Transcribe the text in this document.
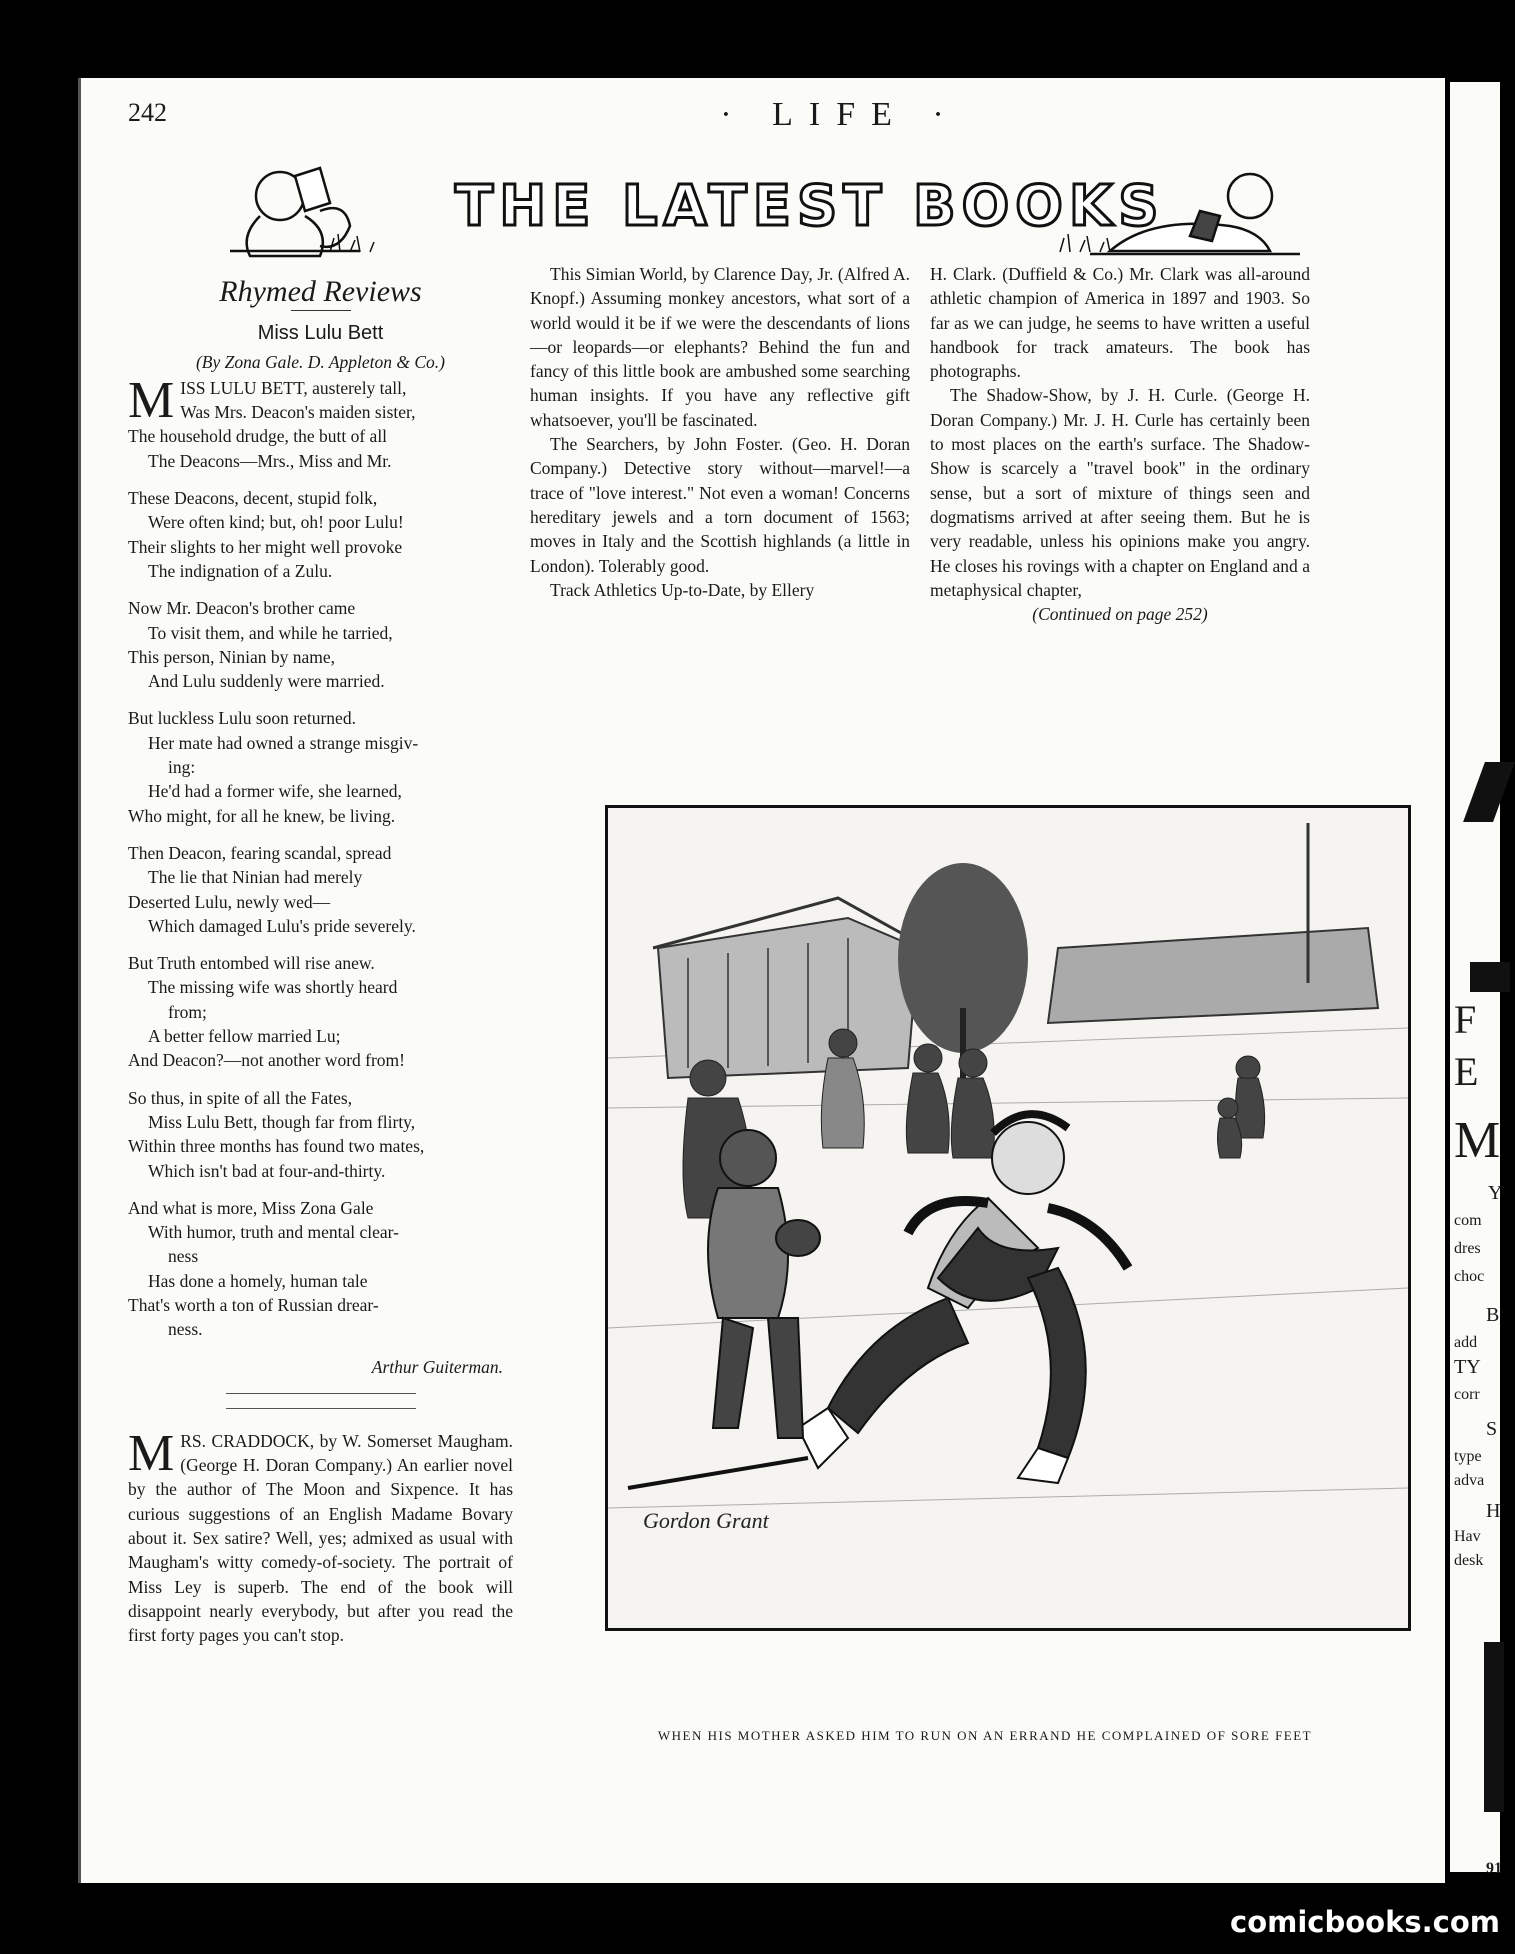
F
E
M
Y
com
dres
choc
B
add
TY
corr
S
type
adva
H
Hav
desk
91
242	· LIFE ·
THE LATEST BOOKS
Rhymed Reviews
Miss Lulu Bett
(By Zona Gale. D. Appleton & Co.)
M ISS LULU BETT, austerely tall,
Was Mrs. Deacon's maiden sister,
The household drudge, the butt of all
The Deacons—Mrs., Miss and Mr.
These Deacons, decent, stupid folk,
Were often kind; but, oh! poor Lulu!
Their slights to her might well provoke
The indignation of a Zulu.
Now Mr. Deacon's brother came
To visit them, and while he tarried,
This person, Ninian by name,
And Lulu suddenly were married.
But luckless Lulu soon returned.
Her mate had owned a strange misgiv-
ing:
He'd had a former wife, she learned,
Who might, for all he knew, be living.
Then Deacon, fearing scandal, spread
The lie that Ninian had merely
Deserted Lulu, newly wed—
Which damaged Lulu's pride severely.
But Truth entombed will rise anew.
The missing wife was shortly heard
from;
A better fellow married Lu;
And Deacon?—not another word from!
So thus, in spite of all the Fates,
Miss Lulu Bett, though far from flirty,
Within three months has found two mates,
Which isn't bad at four-and-thirty.
And what is more, Miss Zona Gale
With humor, truth and mental clear-
ness
Has done a homely, human tale
That's worth a ton of Russian drear-
ness.
Arthur Guiterman.

MRS. CRADDOCK, by W. Somerset Maugham. (George H. Doran Company.) An earlier novel by the author of The Moon and Sixpence. It has curious suggestions of an English Madame Bovary about it. Sex satire? Well, yes; admixed as usual with Maugham's witty comedy-of-society. The portrait of Miss Ley is superb. The end of the book will disappoint nearly everybody, but after you read the first forty pages you can't stop.

This Simian World, by Clarence Day, Jr. (Alfred A. Knopf.) Assuming monkey ancestors, what sort of a world would it be if we were the descendants of lions—or leopards—or elephants? Behind the fun and fancy of this little book are ambushed some searching human insights. If you have any reflective gift whatsoever, you'll be fascinated.

The Searchers, by John Foster. (Geo. H. Doran Company.) Detective story without—marvel!—a trace of "love interest." Not even a woman! Concerns hereditary jewels and a torn document of 1563; moves in Italy and the Scottish highlands (a little in London). Tolerably good.

Track Athletics Up-to-Date, by Ellery

H. Clark. (Duffield & Co.) Mr. Clark was all-around athletic champion of America in 1897 and 1903. So far as we can judge, he seems to have written a useful handbook for track amateurs. The book has photographs.

The Shadow-Show, by J. H. Curle. (George H. Doran Company.) Mr. J. H. Curle has certainly been to most places on the earth's surface. The Shadow-Show is scarcely a "travel book" in the ordinary sense, but a sort of mixture of things seen and dogmatisms arrived at after seeing them. But he is very readable, unless his opinions make you angry. He closes his rovings with a chapter on England and a metaphysical chapter,

(Continued on page 252)

Gordon Grant
WHEN HIS MOTHER ASKED HIM TO RUN ON AN ERRAND HE COMPLAINED OF SORE FEET
comicbooks.com
